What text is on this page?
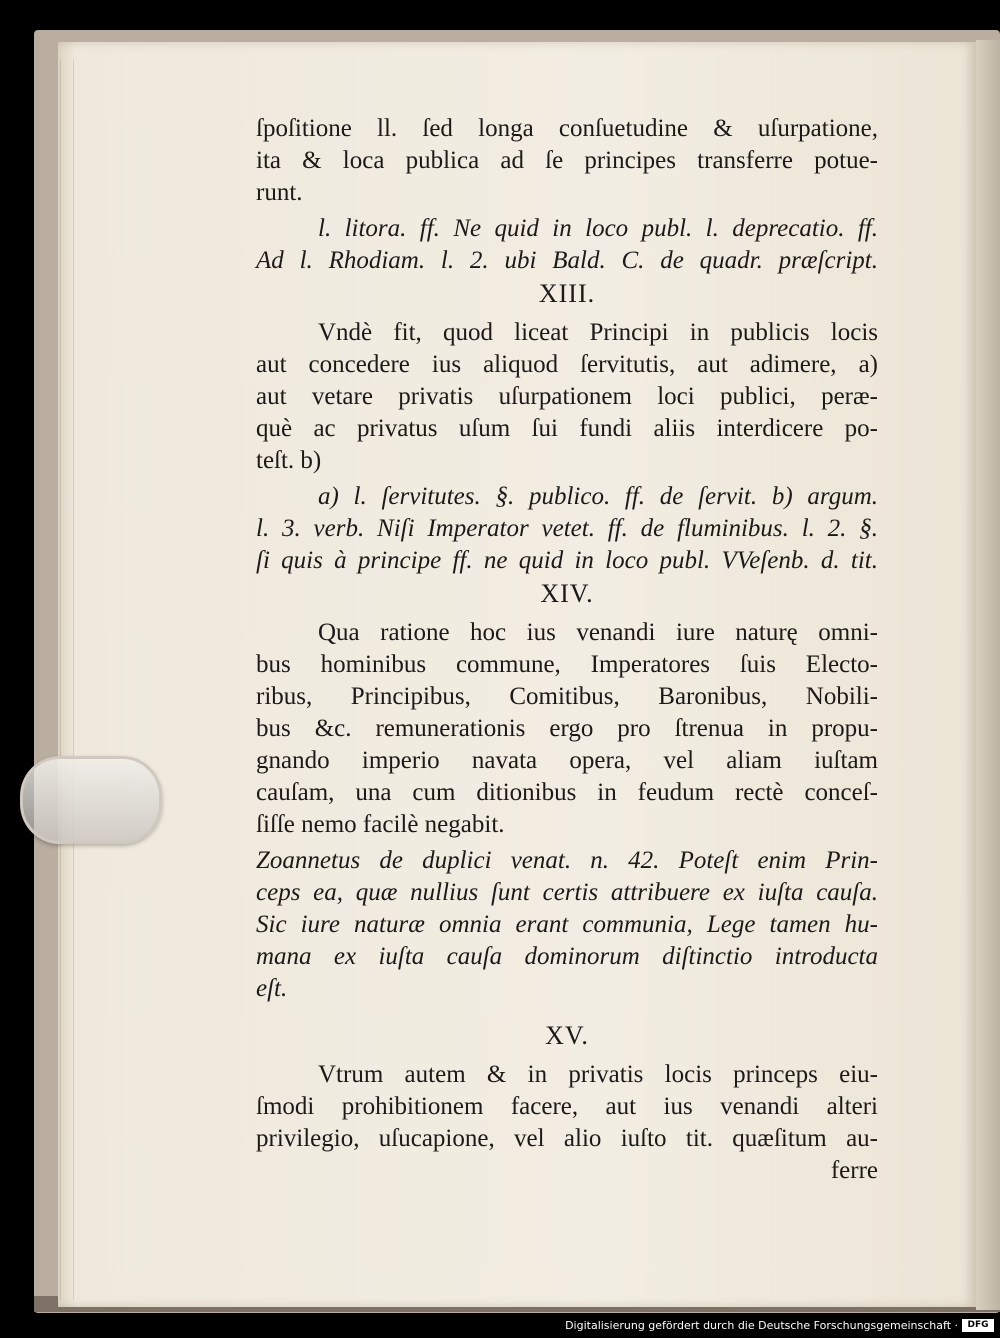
ſpoſitione ll. ſed longa conſuetudine & uſurpatione,
ita & loca publica ad ſe principes transferre potue-
runt.
l. litora. ff. Ne quid in loco publ. l. deprecatio. ff.
Ad l. Rhodiam. l. 2. ubi Bald. C. de quadr. præſcript.
XIII.
Vndè fit, quod liceat Principi in publicis locis
aut concedere ius aliquod ſervitutis, aut adimere, a)
aut vetare privatis uſurpationem loci publici, peræ-
què ac privatus uſum ſui fundi aliis interdicere po-
teſt. b)
a) l. ſervitutes. §. publico. ff. de ſervit. b) argum.
l. 3. verb. Niſi Imperator vetet. ff. de fluminibus. l. 2. §.
ſi quis à principe ff. ne quid in loco publ. VVeſenb. d. tit.
XIV.
Qua ratione hoc ius venandi iure naturę omni-
bus hominibus commune, Imperatores ſuis Electo-
ribus, Principibus, Comitibus, Baronibus, Nobili-
bus &c. remunerationis ergo pro ſtrenua in propu-
gnando imperio navata opera, vel aliam iuſtam
cauſam, una cum ditionibus in feudum rectè conceſ-
ſiſſe nemo facilè negabit.
Zoannetus de duplici venat. n. 42. Poteſt enim Prin-
ceps ea, quæ nullius ſunt certis attribuere ex iuſta cauſa.
Sic iure naturæ omnia erant communia, Lege tamen hu-
mana ex iuſta cauſa dominorum diſtinctio introducta
eſt.
XV.
Vtrum autem & in privatis locis princeps eiu-
ſmodi prohibitionem facere, aut ius venandi alteri
privilegio, uſucapione, vel alio iuſto tit. quæſitum au-
ferre
Digitalisierung gefördert durch die Deutsche Forschungsgemeinschaft ·	DFG
